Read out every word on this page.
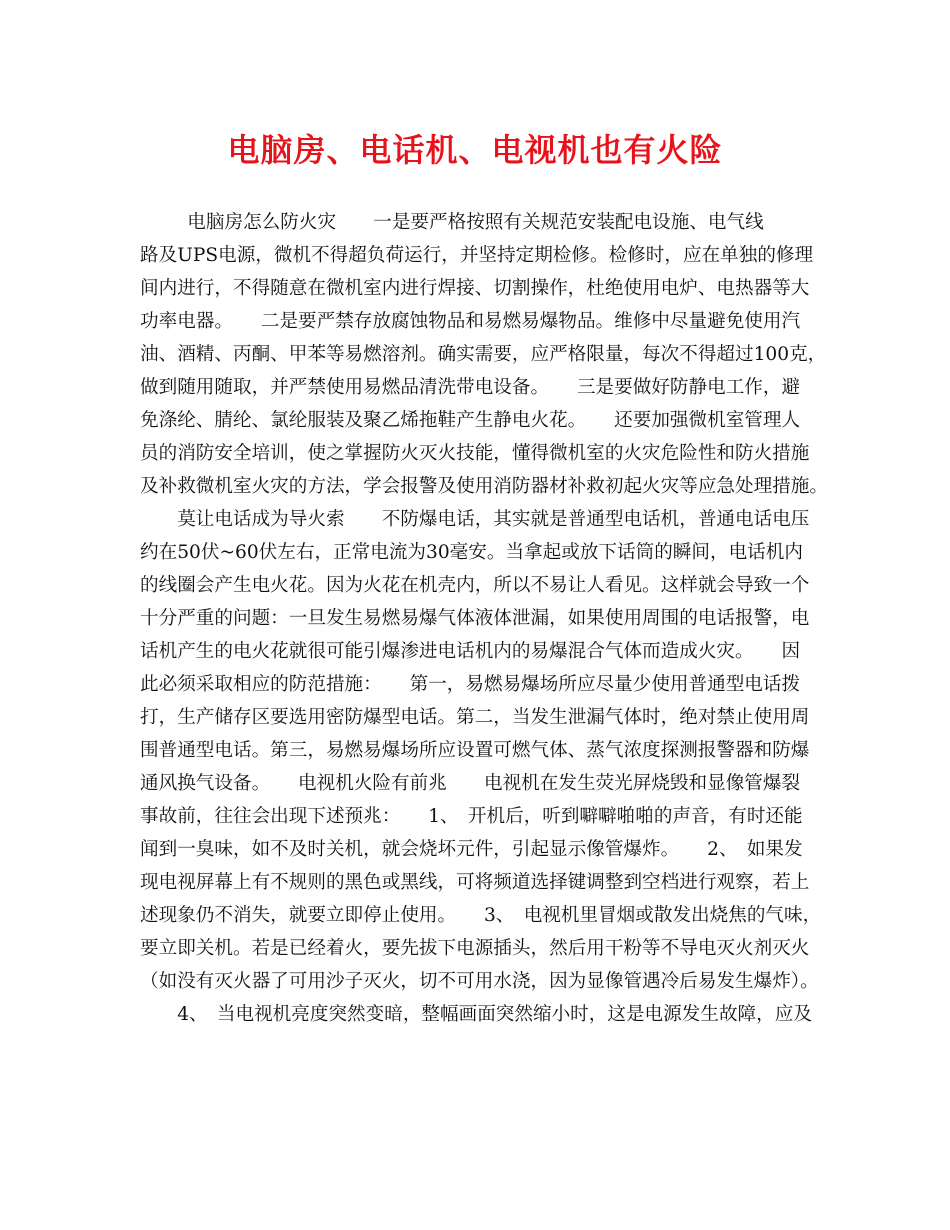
电脑房、电话机、电视机也有火险
电脑房怎么防火灾　　一是要严格按照有关规范安装配电设施、电气线
路及UPS电源，微机不得超负荷运行，并坚持定期检修。检修时，应在单独的修理
间内进行，不得随意在微机室内进行焊接、切割操作，杜绝使用电炉、电热器等大
功率电器。　　二是要严禁存放腐蚀物品和易燃易爆物品。维修中尽量避免使用汽
油、酒精、丙酮、甲苯等易燃溶剂。确实需要，应严格限量，每次不得超过100克，
做到随用随取，并严禁使用易燃品清洗带电设备。　　三是要做好防静电工作，避
免涤纶、腈纶、氯纶服装及聚乙烯拖鞋产生静电火花。　　还要加强微机室管理人
员的消防安全培训，使之掌握防火灭火技能，懂得微机室的火灾危险性和防火措施
及补救微机室火灾的方法，学会报警及使用消防器材补救初起火灾等应急处理措施。
　　莫让电话成为导火索　　不防爆电话，其实就是普通型电话机，普通电话电压
约在50伏~60伏左右，正常电流为30毫安。当拿起或放下话筒的瞬间，电话机内
的线圈会产生电火花。因为火花在机壳内，所以不易让人看见。这样就会导致一个
十分严重的问题：一旦发生易燃易爆气体液体泄漏，如果使用周围的电话报警，电
话机产生的电火花就很可能引爆渗进电话机内的易爆混合气体而造成火灾。　　因
此必须采取相应的防范措施：　　第一，易燃易爆场所应尽量少使用普通型电话拨
打，生产储存区要选用密防爆型电话。第二，当发生泄漏气体时，绝对禁止使用周
围普通型电话。第三，易燃易爆场所应设置可燃气体、蒸气浓度探测报警器和防爆
通风换气设备。　　电视机火险有前兆　　电视机在发生荧光屏烧毁和显像管爆裂
事故前，往往会出现下述预兆：　　1、　开机后，听到噼噼啪啪的声音，有时还能
闻到一臭味，如不及时关机，就会烧坏元件，引起显示像管爆炸。　　2、　如果发
现电视屏幕上有不规则的黑色或黑线，可将频道选择键调整到空档进行观察，若上
述现象仍不消失，就要立即停止使用。　　3、　电视机里冒烟或散发出烧焦的气味，
要立即关机。若是已经着火，要先拔下电源插头，然后用干粉等不导电灭火剂灭火
（如没有灭火器了可用沙子灭火，切不可用水浇，因为显像管遇冷后易发生爆炸）。
　　4、　当电视机亮度突然变暗，整幅画面突然缩小时，这是电源发生故障，应及
